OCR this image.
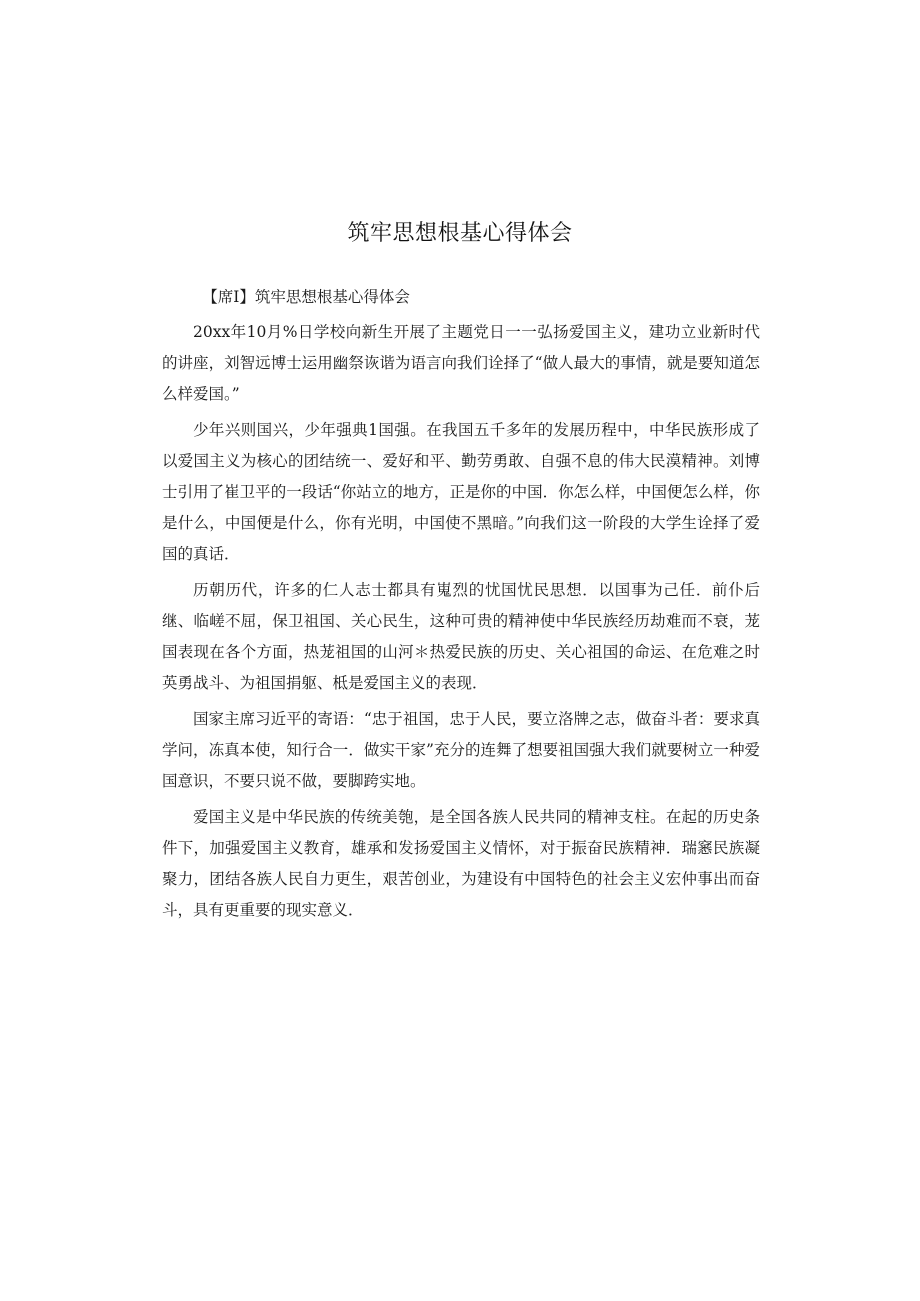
筑牢思想根基心得体会

【席I】筑牢思想根基心得体会

20xx年10月%日学校向新生开展了主题党日一一弘扬爱国主义，建功立业新时代的讲座，刘智远博士运用幽祭诙谐为语言向我们诠择了“做人最大的事情，就是要知道怎么样爱国。”

少年兴则国兴，少年强典1国强。在我国五千多年的发展历程中，中华民族形成了以爱国主义为核心的团结统一、爱好和平、勤劳勇敢、自强不息的伟大民漠精神。刘博士引用了崔卫平的一段话“你站立的地方，正是你的中国．你怎么样，中国便怎么样，你是什么，中国便是什么，你有光明，中国使不黑暗。”向我们这一阶段的大学生诠择了爱国的真话．

历朝历代，许多的仁人志士都具有嵬烈的忧国忧民思想．以国事为己任．前仆后继、临嵯不屈，保卫祖国、关心民生，这种可贵的精神使中华民族经历劫难而不衰，茏国表现在各个方面，热茏祖国的山河＊热爱民族的历史、关心祖国的命运、在危难之时英勇战斗、为祖国捐躯、柢是爱国主义的表现．

国家主席习近平的寄语：“忠于祖国，忠于人民，要立洛牌之志，做奋斗者：要求真学问，冻真本使，知行合一．做实干家”充分的连舞了想要祖国强大我们就要树立一种爱国意识，不要只说不做，要脚跨实地。

爱国主义是中华民族的传统美匏，是全国各族人民共同的精神支柱。在起的历史条件下，加强爱国主义教育，雄承和发扬爱国主义情怀，对于振奋民族精神．瑞窸民族凝聚力，团结各族人民自力更生，艰苦创业，为建设有中国特色的社会主义宏仲事出而奋斗，具有更重要的现实意义．
